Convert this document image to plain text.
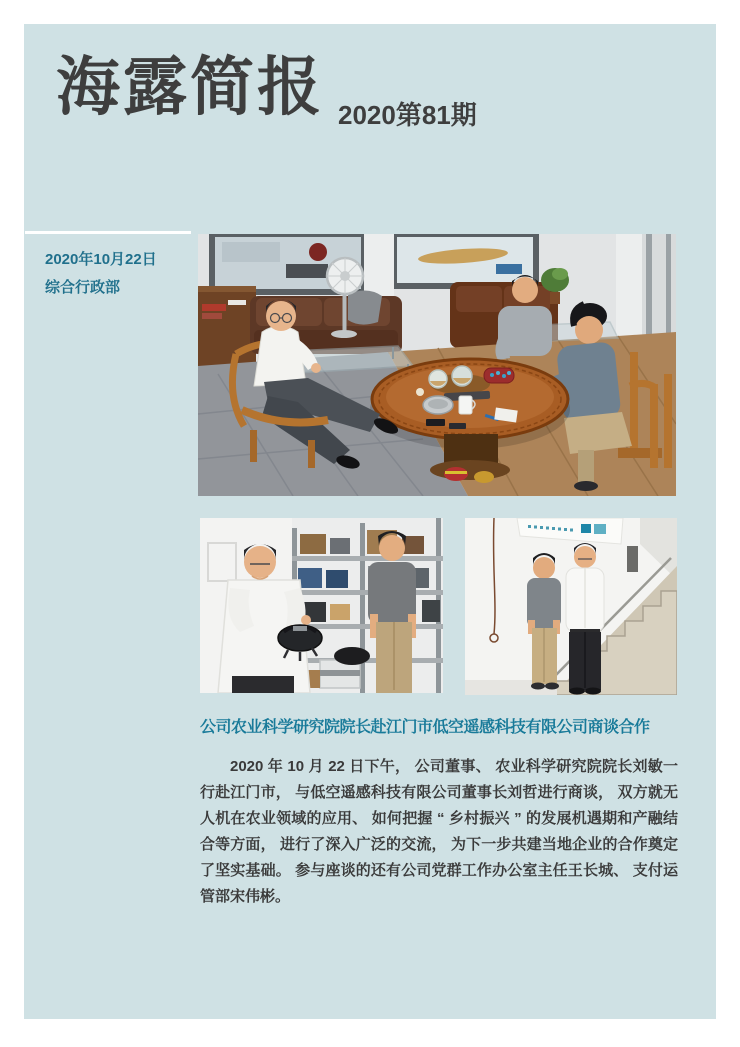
海露简报 2020第81期
2020年10月22日
综合行政部
公司农业科学研究院院长赴江门市低空遥感科技有限公司商谈合作

2020 年 10 月 22 日下午， 公司董事、 农业科学研究院院长刘敏一行赴江门市， 与低空遥感科技有限公司董事长刘哲进行商谈， 双方就无人机在农业领域的应用、 如何把握 “ 乡村振兴 ” 的发展机遇期和产融结合等方面， 进行了深入广泛的交流， 为下一步共建当地企业的合作奠定了坚实基础。 参与座谈的还有公司党群工作办公室主任王长城、 支付运管部宋伟彬。
